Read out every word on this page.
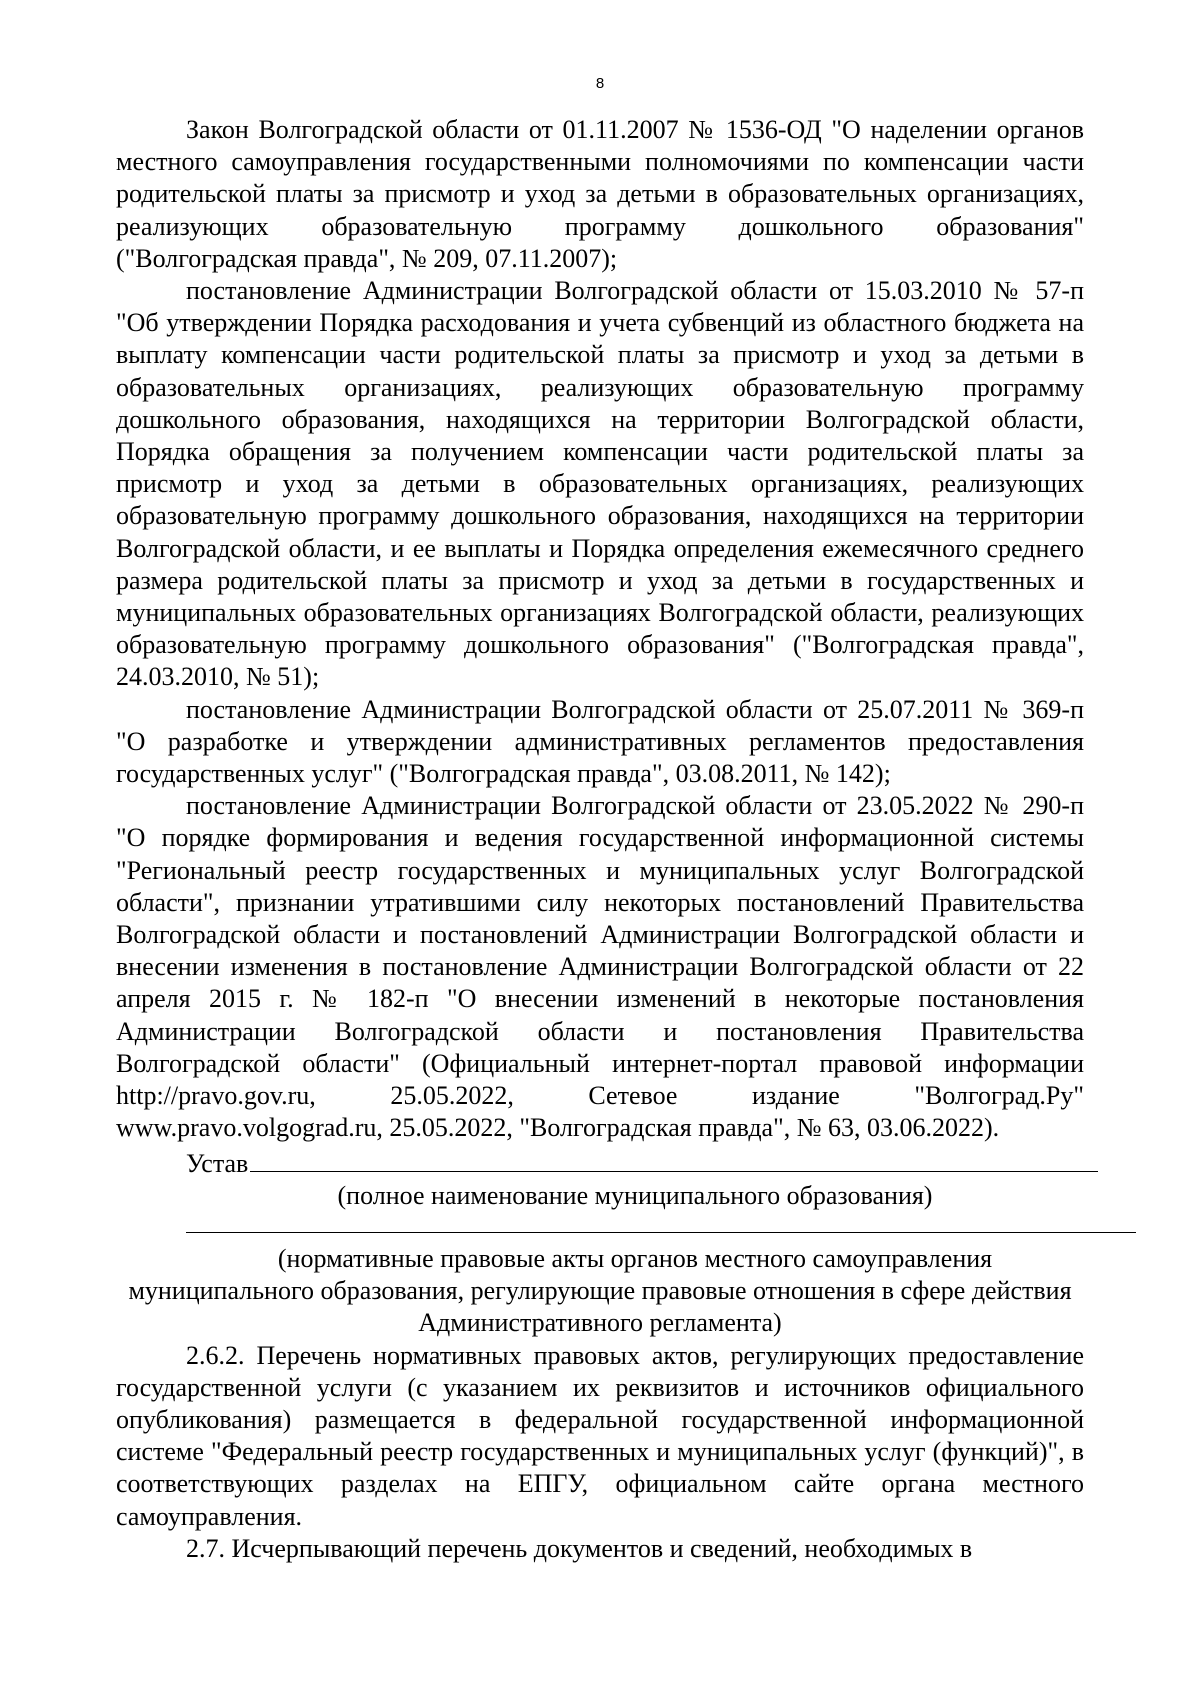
8

Закон Волгоградской области от 01.11.2007 № 1536-ОД "О наделении органов местного самоуправления государственными полномочиями по компенсации части родительской платы за присмотр и уход за детьми в образовательных организациях, реализующих образовательную программу дошкольного образования" ("Волгоградская правда", № 209, 07.11.2007);

постановление Администрации Волгоградской области от 15.03.2010 № 57-п "Об утверждении Порядка расходования и учета субвенций из областного бюджета на выплату компенсации части родительской платы за присмотр и уход за детьми в образовательных организациях, реализующих образовательную программу дошкольного образования, находящихся на территории Волгоградской области, Порядка обращения за получением компенсации части родительской платы за присмотр и уход за детьми в образовательных организациях, реализующих образовательную программу дошкольного образования, находящихся на территории Волгоградской области, и ее выплаты и Порядка определения ежемесячного среднего размера родительской платы за присмотр и уход за детьми в государственных и муниципальных образовательных организациях Волгоградской области, реализующих образовательную программу дошкольного образования" ("Волгоградская правда", 24.03.2010, № 51);

постановление Администрации Волгоградской области от 25.07.2011 № 369-п "О разработке и утверждении административных регламентов предоставления государственных услуг" ("Волгоградская правда", 03.08.2011, № 142);

постановление Администрации Волгоградской области от 23.05.2022 № 290-п "О порядке формирования и ведения государственной информационной системы "Региональный реестр государственных и муниципальных услуг Волгоградской области", признании утратившими силу некоторых постановлений Правительства Волгоградской области и постановлений Администрации Волгоградской области и внесении изменения в постановление Администрации Волгоградской области от 22 апреля 2015 г. № 182-п "О внесении изменений в некоторые постановления Администрации Волгоградской области и постановления Правительства Волгоградской области" (Официальный интернет-портал правовой информации http://pravo.gov.ru, 25.05.2022, Сетевое издание "Волгоград.Ру" www.pravo.volgograd.ru, 25.05.2022, "Волгоградская правда", № 63, 03.06.2022).

Устав

(полное наименование муниципального образования)

(нормативные правовые акты органов местного самоуправления

муниципального образования, регулирующие правовые отношения в сфере действия

Административного регламента)

2.6.2. Перечень нормативных правовых актов, регулирующих предоставление государственной услуги (с указанием их реквизитов и источников официального опубликования) размещается в федеральной государственной информационной системе "Федеральный реестр государственных и муниципальных услуг (функций)", в соответствующих разделах на ЕПГУ, официальном сайте органа местного самоуправления.

2.7. Исчерпывающий перечень документов и сведений, необходимых в
